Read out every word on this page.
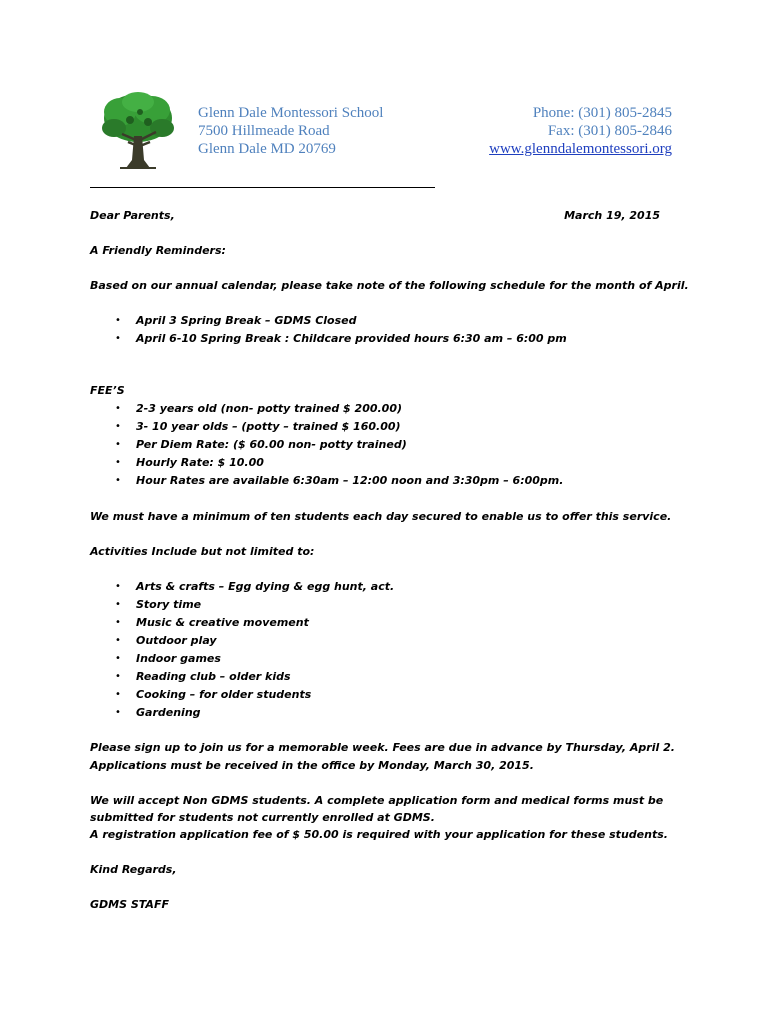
Glenn Dale Montessori School
7500 Hillmeade Road
Glenn Dale MD 20769
Phone: (301) 805-2845
Fax: (301) 805-2846
www.glenndalemontessori.org
Dear Parents,	March 19, 2015
A Friendly Reminders:
Based on our annual calendar, please take note of the following schedule for the month of April.
• April 3 Spring Break – GDMS Closed
• April 6-10 Spring Break : Childcare provided hours 6:30 am – 6:00 pm
FEE’S
• 2-3 years old (non- potty trained $ 200.00)
• 3- 10 year olds – (potty – trained $ 160.00)
• Per Diem Rate: ($ 60.00 non- potty trained)
• Hourly Rate: $ 10.00
• Hour Rates are available 6:30am – 12:00 noon and 3:30pm – 6:00pm.
We must have a minimum of ten students each day secured to enable us to offer this service.
Activities Include but not limited to:
• Arts & crafts – Egg dying & egg hunt, act.
• Story time
• Music & creative movement
• Outdoor play
• Indoor games
• Reading club – older kids
• Cooking – for older students
• Gardening
Please sign up to join us for a memorable week. Fees are due in advance by Thursday, April 2.
Applications must be received in the office by Monday, March 30, 2015.
We will accept Non GDMS students. A complete application form and medical forms must be
submitted for students not currently enrolled at GDMS.
A registration application fee of $ 50.00 is required with your application for these students.
Kind Regards,
GDMS STAFF
